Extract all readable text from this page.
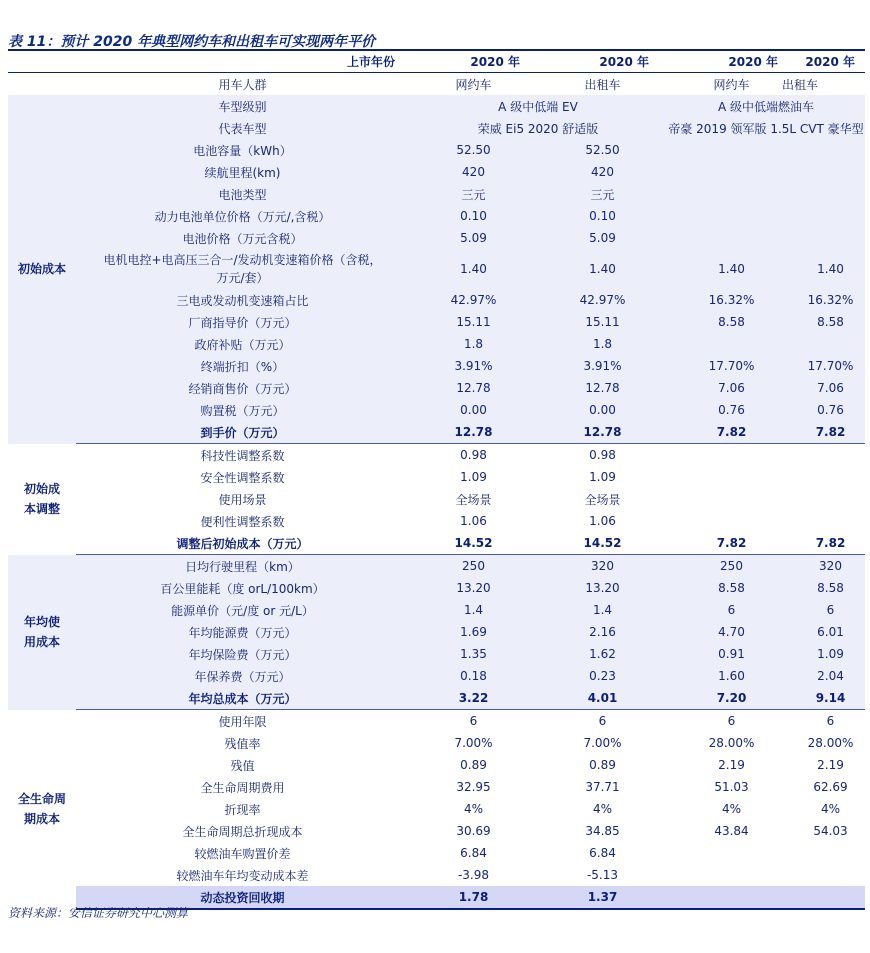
表 11：预计 2020 年典型网约车和出租车可实现两年平价
	上市年份	2020 年	2020 年	2020 年	2020 年
	用车人群	网约车	出租车	网约车	出租车
初始成本	车型级别	A 级中低端 EV		A 级中低端燃油车	
	代表车型	荣威 Ei5 2020 舒适版		帝豪 2019 领军版 1.5L CVT 豪华型	
	电池容量（kWh）	52.50	52.50		
	续航里程(km)	420	420		
	电池类型	三元	三元		
	动力电池单位价格（万元/,含税）	0.10	0.10		
	电池价格（万元含税）	5.09	5.09		
	电机电控+电高压三合一/发动机变速箱价格（含税，万元/套）	1.40	1.40	1.40	1.40
	三电或发动机变速箱占比	42.97%	42.97%	16.32%	16.32%
	厂商指导价（万元）	15.11	15.11	8.58	8.58
	政府补贴（万元）	1.8	1.8		
	终端折扣（%）	3.91%	3.91%	17.70%	17.70%
	经销商售价（万元）	12.78	12.78	7.06	7.06
	购置税（万元）	0.00	0.00	0.76	0.76
	到手价（万元）	12.78	12.78	7.82	7.82
初始成本调整	科技性调整系数	0.98	0.98		
	安全性调整系数	1.09	1.09		
	使用场景	全场景	全场景		
	便利性调整系数	1.06	1.06		
	调整后初始成本（万元）	14.52	14.52	7.82	7.82
年均使用成本	日均行驶里程（km）	250	320	250	320
	百公里能耗（度 orL/100km）	13.20	13.20	8.58	8.58
	能源单价（元/度 or 元/L）	1.4	1.4	6	6
	年均能源费（万元）	1.69	2.16	4.70	6.01
	年均保险费（万元）	1.35	1.62	0.91	1.09
	年保养费（万元）	0.18	0.23	1.60	2.04
	年均总成本（万元）	3.22	4.01	7.20	9.14
全生命周期成本	使用年限	6	6	6	6
	残值率	7.00%	7.00%	28.00%	28.00%
	残值	0.89	0.89	2.19	2.19
	全生命周期费用	32.95	37.71	51.03	62.69
	折现率	4%	4%	4%	4%
	全生命周期总折现成本	30.69	34.85	43.84	54.03
	较燃油车购置价差	6.84	6.84		
	较燃油车年均变动成本差	-3.98	-5.13		
	动态投资回收期	1.78	1.37		
资料来源：安信证券研究中心测算
